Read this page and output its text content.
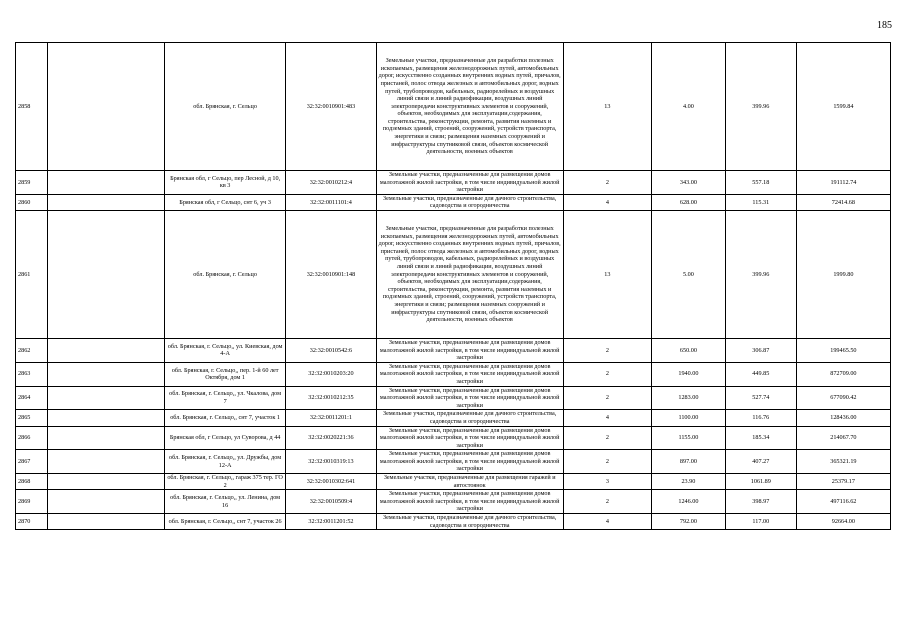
185
2858		обл. Брянская, г. Сельцо	32:32:0010901:483	Земельные участки, предназначенные для разработки полезных ископаемых, размещения железнодорожных путей, автомобильных дорог, искусственно созданных внутренних водных путей, причалов, пристаней, полос отвода железных и автомобильных дорог, водных путей, трубопроводов, кабельных, радиорелейных и воздушных линий связи и линий радиофикации, воздушных линий электропередачи конструктивных элементов и сооружений, объектов, необходимых для эксплуатации,содержания, строительства, реконструкции, ремонта, развития наземных и подземных зданий, строений, сооружений, устройств транспорта, энергетики и связи; размещения наземных сооружений и инфраструктуры спутниковой связи, объектов космической деятельности, военных объектов	13	4.00	399.96	1599.84
2859		Брянская обл, г Сельцо, пер Лесной, д 10, кв 3	32:32:0010212:4	Земельные участки, предназначенные для размещения домов малоэтажной жилой застройки, в том числе индивидуальной жилой застройки	2	343.00	557.18	191112.74
2860		Брянская обл, г Сельцо, снт 6, уч 3	32:32:0011101:4	Земельные участки, предназначенные для дачного строительства, садоводства и огородничества	4	628.00	115.31	72414.68
2861		обл. Брянская, г. Сельцо	32:32:0010901:148	Земельные участки, предназначенные для разработки полезных ископаемых, размещения железнодорожных путей, автомобильных дорог, искусственно созданных внутренних водных путей, причалов, пристаней, полос отвода железных и автомобильных дорог, водных путей, трубопроводов, кабельных, радиорелейных и воздушных линий связи и линий радиофикации, воздушных линий электропередачи конструктивных элементов и сооружений, объектов, необходимых для эксплуатации,содержания, строительства, реконструкции, ремонта, развития наземных и подземных зданий, строений, сооружений, устройств транспорта, энергетики и связи; размещения наземных сооружений и инфраструктуры спутниковой связи, объектов космической деятельности, военных объектов	13	5.00	399.96	1999.80
2862		обл. Брянская, г. Сельцо,, ул. Киевская, дом 4-А	32:32:0010542:6	Земельные участки, предназначенные для размещения домов малоэтажной жилой застройки, в том числе индивидуальной жилой застройки	2	650.00	306.87	199465.50
2863		обл. Брянская, г. Сельцо,, пер. 1-й 60 лет Октября, дом 1	32:32:0010203:20	Земельные участки, предназначенные для размещения домов малоэтажной жилой застройки, в том числе индивидуальной жилой застройки	2	1940.00	449.85	872709.00
2864		обл. Брянская, г. Сельцо,, ул. Чкалова, дом 7	32:32:0010212:35	Земельные участки, предназначенные для размещения домов малоэтажной жилой застройки, в том числе индивидуальной жилой застройки	2	1283.00	527.74	677090.42
2865		обл. Брянская, г. Сельцо,, снт 7, участок 1	32:32:0011201:1	Земельные участки, предназначенные для дачного строительства, садоводства и огородничества	4	1100.00	116.76	128436.00
2866		Брянская обл, г Сельцо, ул Суворова, д 44	32:32:0020221:36	Земельные участки, предназначенные для размещения домов малоэтажной жилой застройки, в том числе индивидуальной жилой застройки	2	1155.00	185.34	214067.70
2867		обл. Брянская, г. Сельцо,, ул. Дружбы, дом 12-А	32:32:0010319:13	Земельные участки, предназначенные для размещения домов малоэтажной жилой застройки, в том числе индивидуальной жилой застройки	2	897.00	407.27	365321.19
2868		обл. Брянская, г. Сельцо,, гараж 375 тер. ГО 2	32:32:0010302:641	Земельные участки, предназначенные для размещения гаражей и автостоянок	3	23.90	1061.89	25379.17
2869		обл. Брянская, г. Сельцо,, ул. Ленина, дом 16	32:32:0010509:4	Земельные участки, предназначенные для размещения домов малоэтажной жилой застройки, в том числе индивидуальной жилой застройки	2	1246.00	398.97	497116.62
2870		обл. Брянская, г. Сельцо,, снт 7, участок 26	32:32:0011201:52	Земельные участки, предназначенные для дачного строительства, садоводства и огородничества	4	792.00	117.00	92664.00
